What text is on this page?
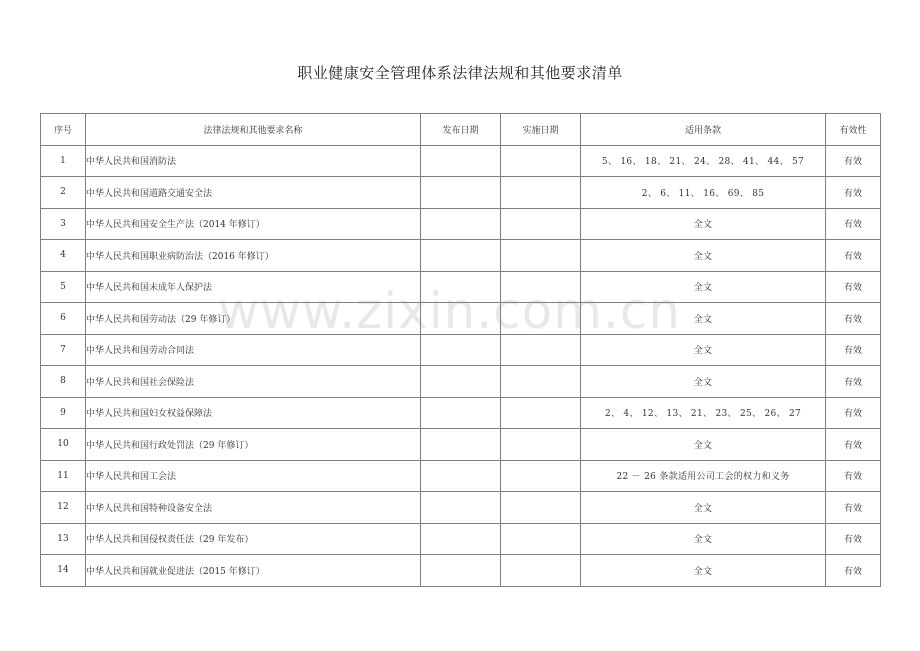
职业健康安全管理体系法律法规和其他要求清单
序号	法律法规和其他要求名称	发布日期	实施日期	适用条款	有效性
1	中华人民共和国消防法			5、 16、 18、 21、 24、 28、 41、 44、 57	有效
2	中华人民共和国道路交通安全法			2、 6、 11、 16、 69、 85	有效
3	中华人民共和国安全生产法（2014 年修订）			全文	有效
4	中华人民共和国职业病防治法（2016 年修订）			全文	有效
5	中华人民共和国未成年人保护法			全文	有效
6	中华人民共和国劳动法（29 年修订）			全文	有效
7	中华人民共和国劳动合同法			全文	有效
8	中华人民共和国社会保险法			全文	有效
9	中华人民共和国妇女权益保障法			2、 4、 12、 13、 21、 23、 25、 26、 27	有效
10	中华人民共和国行政处罚法（29 年修订）			全文	有效
11	中华人民共和国工会法			22 － 26 条款适用公司工会的权力和义务	有效
12	中华人民共和国特种设备安全法			全文	有效
13	中华人民共和国侵权责任法（29 年发布）			全文	有效
14	中华人民共和国就业促进法（2015 年修订）			全文	有效
www.zixin.com.cn
